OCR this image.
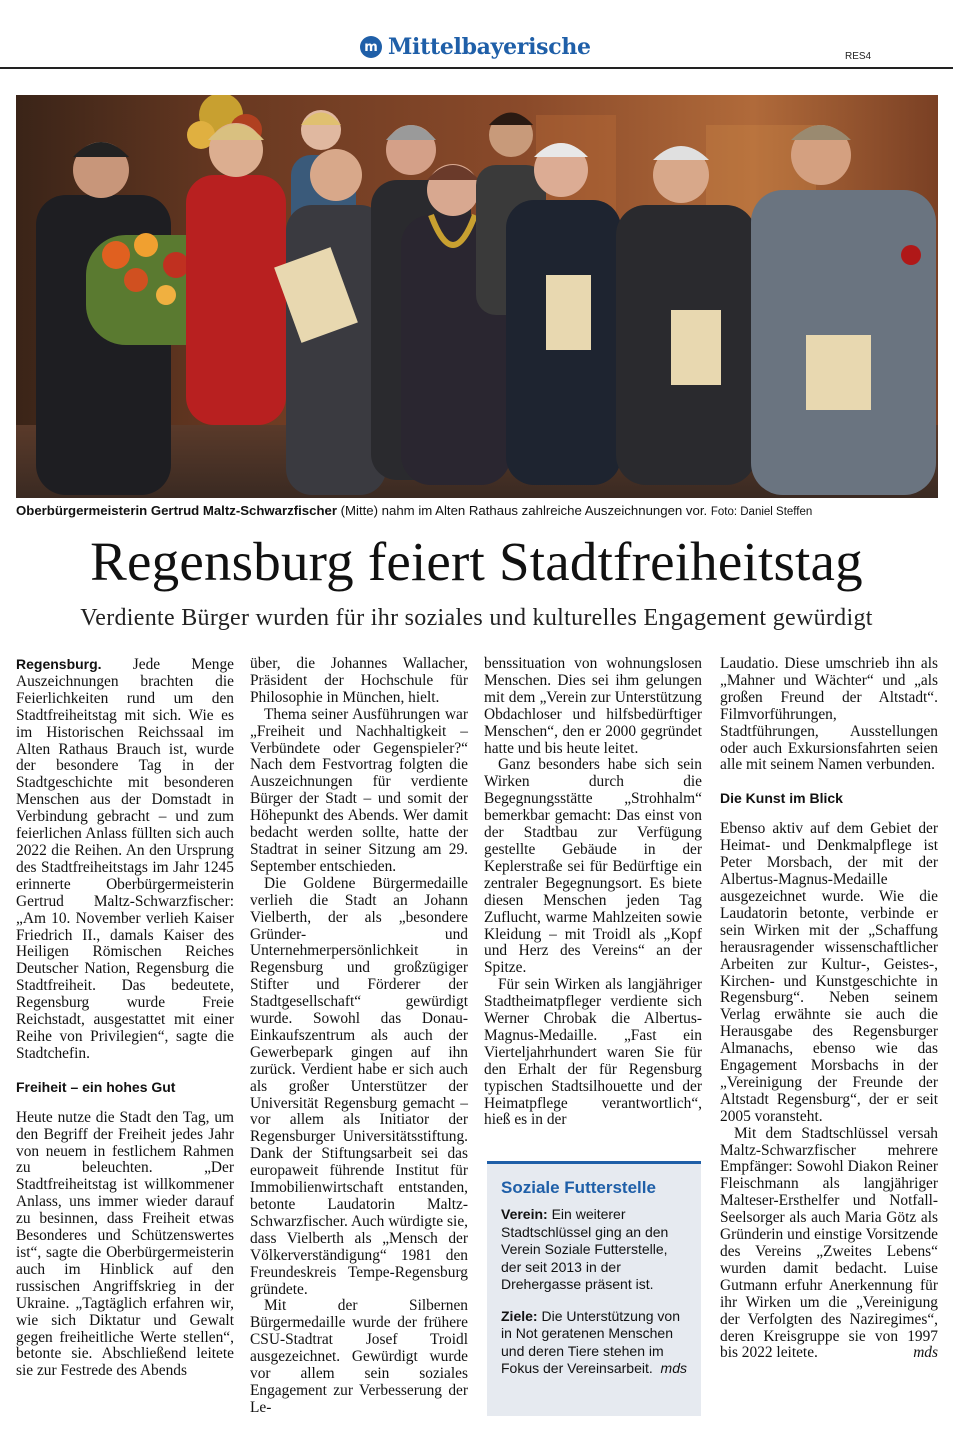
m Mittelbayerische	RES4
Oberbürgermeisterin Gertrud Maltz-Schwarzfischer (Mitte) nahm im Alten Rathaus zahlreiche Auszeichnungen vor. Foto: Daniel Steffen
Regensburg feiert Stadtfreiheitstag
Verdiente Bürger wurden für ihr soziales und kulturelles Engagement gewürdigt

Regensburg. Jede Menge Auszeichnungen brachten die Feierlichkeiten rund um den Stadtfreiheitstag mit sich. Wie es im Historischen Reichssaal im Alten Rathaus Brauch ist, wurde der besondere Tag in der Stadtgeschichte mit besonderen Menschen aus der Domstadt in Verbindung gebracht – und zum feierlichen Anlass füllten sich auch 2022 die Reihen. An den Ursprung des Stadtfreiheitstags im Jahr 1245 erinnerte Oberbürgermeisterin Gertrud Maltz-Schwarzfischer: „Am 10. November verlieh Kaiser Friedrich II., damals Kaiser des Heiligen Römischen Reiches Deutscher Nation, Regensburg die Stadtfreiheit. Das bedeutete, Regensburg wurde Freie Reichstadt, ausgestattet mit einer Reihe von Privilegien“, sagte die Stadtchefin.

Freiheit – ein hohes Gut

Heute nutze die Stadt den Tag, um den Begriff der Freiheit jedes Jahr von neuem in festlichem Rahmen zu beleuchten. „Der Stadtfreiheitstag ist willkommener Anlass, uns immer wieder darauf zu besinnen, dass Freiheit etwas Besonderes und Schützenswertes ist“, sagte die Oberbürgermeisterin auch im Hinblick auf den russischen Angriffskrieg in der Ukraine. „Tagtäglich erfahren wir, wie sich Diktatur und Gewalt gegen freiheitliche Werte stellen“, betonte sie. Abschließend leitete sie zur Festrede des Abends

über, die Johannes Wallacher, Präsident der Hochschule für Philosophie in München, hielt.

Thema seiner Ausführungen war „Freiheit und Nachhaltigkeit – Verbündete oder Gegenspieler?“ Nach dem Festvortrag folgten die Auszeichnungen für verdiente Bürger der Stadt – und somit der Höhepunkt des Abends. Wer damit bedacht werden sollte, hatte der Stadtrat in seiner Sitzung am 29. September entschieden.

Die Goldene Bürgermedaille verlieh die Stadt an Johann Vielberth, der als „besondere Gründer- und Unternehmerpersönlichkeit in Regensburg und großzügiger Stifter und Förderer der Stadtgesellschaft“ gewürdigt wurde. Sowohl das Donau-Einkaufszentrum als auch der Gewerbepark gingen auf ihn zurück. Verdient habe er sich auch als großer Unterstützer der Universität Regensburg gemacht – vor allem als Initiator der Regensburger Universitätsstiftung. Dank der Stiftungsarbeit sei das europaweit führende Institut für Immobilienwirtschaft entstanden, betonte Laudatorin Maltz-Schwarzfischer. Auch würdigte sie, dass Vielberth als „Mensch der Völkerverständigung“ 1981 den Freundeskreis Tempe-Regensburg gründete.

Mit der Silbernen Bürgermedaille wurde der frühere CSU-Stadtrat Josef Troidl ausgezeichnet. Gewürdigt wurde vor allem sein soziales Engagement zur Verbesserung der Le-

benssituation von wohnungslosen Menschen. Dies sei ihm gelungen mit dem „Verein zur Unterstützung Obdachloser und hilfsbedürftiger Menschen“, den er 2000 gegründet hatte und bis heute leitet.

Ganz besonders habe sich sein Wirken durch die Begegnungsstätte „Strohhalm“ bemerkbar gemacht: Das einst von der Stadtbau zur Verfügung gestellte Gebäude in der Keplerstraße sei für Bedürftige ein zentraler Begegnungsort. Es biete diesen Menschen jeden Tag Zuflucht, warme Mahlzeiten sowie Kleidung – mit Troidl als „Kopf und Herz des Vereins“ an der Spitze.

Für sein Wirken als langjähriger Stadtheimatpfleger verdiente sich Werner Chrobak die Albertus-Magnus-Medaille. „Fast ein Vierteljahrhundert waren Sie für den Erhalt der für Regensburg typischen Stadtsilhouette und der Heimatpflege verantwortlich“, hieß es in der

Soziale Futterstelle

Verein: Ein weiterer Stadtschlüssel ging an den Verein Soziale Futterstelle, der seit 2013 in der Drehergasse präsent ist.

Ziele: Die Unterstützung von in Not geratenen Menschen und deren Tiere stehen im Fokus der Vereinsarbeit. mds

Laudatio. Diese umschrieb ihn als „Mahner und Wächter“ und „als großen Freund der Altstadt“. Filmvorführungen, Stadtführungen, Ausstellungen oder auch Exkursionsfahrten seien alle mit seinem Namen verbunden.

Die Kunst im Blick

Ebenso aktiv auf dem Gebiet der Heimat- und Denkmalpflege ist Peter Morsbach, der mit der Albertus-Magnus-Medaille ausgezeichnet wurde. Wie die Laudatorin betonte, verbinde er sein Wirken mit der „Schaffung herausragender wissenschaftlicher Arbeiten zur Kultur-, Geistes-, Kirchen- und Kunstgeschichte in Regensburg“. Neben seinem Verlag erwähnte sie auch die Herausgabe des Regensburger Almanachs, ebenso wie das Engagement Morsbachs in der „Vereinigung der Freunde der Altstadt Regensburg“, der er seit 2005 voransteht.

Mit dem Stadtschlüssel versah Maltz-Schwarzfischer mehrere Empfänger: Sowohl Diakon Reiner Fleischmann als langjähriger Malteser-Ersthelfer und Notfall-Seelsorger als auch Maria Götz als Gründerin und einstige Vorsitzende des Vereins „Zweites Lebens“ wurden damit bedacht. Luise Gutmann erfuhr Anerkennung für ihr Wirken um die „Vereinigung der Verfolgten des Naziregimes“, deren Kreisgruppe sie von 1997 bis 2022 leitete.	mds
